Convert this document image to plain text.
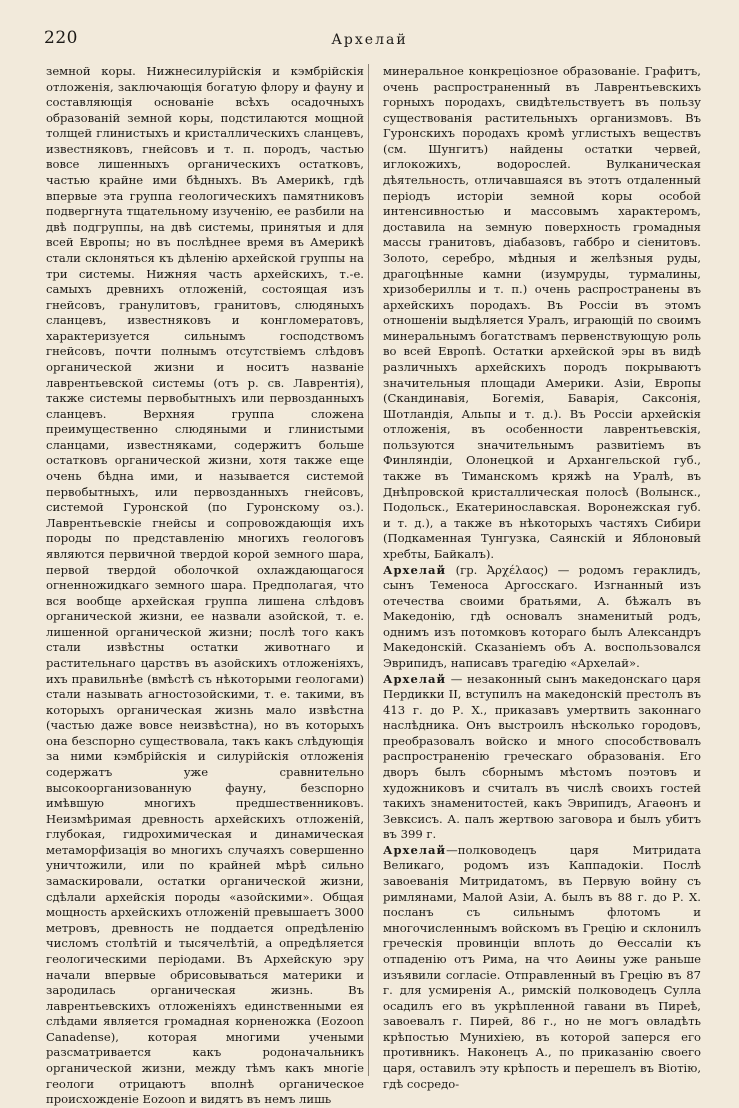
220	Архелай

земной коры. Нижнесилурійскія и кэмбрійскія отложенія, заключающія богатую флору и фауну и составляющія основаніе всѣхъ осадочныхъ образованій земной коры, подстилаются мощной толщей глинистыхъ и кристаллическихъ сланцевъ, известняковъ, гнейсовъ и т. п. породъ, частью вовсе лишенныхъ органическихъ остатковъ, частью крайне ими бѣдныхъ. Въ Америкѣ, гдѣ впервые эта группа геологическихъ памятниковъ подвергнута тщательному изученію, ее разбили на двѣ подгруппы, на двѣ системы, принятыя и для всей Европы; но въ послѣднее время въ Америкѣ стали склоняться къ дѣленію архейской группы на три системы. Нижняя часть архейскихъ, т.-е. самыхъ древнихъ отложеній, состоящая изъ гнейсовъ, гранулитовъ, гранитовъ, слюдяныхъ сланцевъ, известняковъ и конгломератовъ, характеризуется сильнымъ господствомъ гнейсовъ, почти полнымъ отсутствіемъ слѣдовъ органической жизни и носитъ названіе лаврентьевской системы (отъ р. св. Лаврентія), также системы первобытныхъ или первозданныхъ сланцевъ. Верхняя группа сложена преимущественно слюдяными и глинистыми сланцами, известняками, содержитъ больше остатковъ органической жизни, хотя также еще очень бѣдна ими, и называется системой первобытныхъ, или первозданныхъ гнейсовъ, системой Гуронской (по Гуронскому оз.). Лаврентьевскіе гнейсы и сопровождающія ихъ породы по представленію многихъ геологовъ являются первичной твердой корой земного шара, первой твердой оболочкой охлаждающагося огненножидкаго земного шара. Предполагая, что вся вообще архейская группа лишена слѣдовъ органической жизни, ее назвали азойской, т. е. лишенной органической жизни; послѣ того какъ стали извѣстны остатки животнаго и растительнаго царствъ въ азойскихъ отложеніяхъ, ихъ правильнѣе (вмѣстѣ съ нѣкоторыми геологами) стали называть агностозойскими, т. е. такими, въ которыхъ органическая жизнь мало извѣстна (частью даже вовсе неизвѣстна), но въ которыхъ она безспорно существовала, такъ какъ слѣдующія за ними кэмбрійскія и силурійскія отложенія содержатъ уже сравнительно высокоорганизованную фауну, безспорно имѣвшую многихъ предшественниковъ. Неизмѣримая древность архейскихъ отложеній, глубокая, гидрохимическая и динамическая метаморфизація во многихъ случаяхъ совершенно уничтожили, или по крайней мѣрѣ сильно замаскировали, остатки органической жизни, сдѣлали архейскія породы «азойскими». Общая мощность архейскихъ отложеній превышаетъ 3000 метровъ, древность не поддается опредѣленію числомъ столѣтій и тысячелѣтій, а опредѣляется геологическими періодами. Въ Архейскую эру начали впервые обрисовываться материки и зародилась органическая жизнь. Въ лаврентьевскихъ отложеніяхъ единственными ея слѣдами является громадная корненожка (Eozoon Canadense), которая многими учеными разсматривается какъ родоначальникъ органической жизни, между тѣмъ какъ многіе геологи отрицаютъ вполнѣ органическое происхожденіе Eozoon и видятъ въ немъ лишь

минеральное конкреціозное образованіе. Графитъ, очень распространенный въ Лаврентьевскихъ горныхъ породахъ, свидѣтельствуетъ въ пользу существованія растительныхъ организмовъ. Въ Гуронскихъ породахъ кромѣ углистыхъ веществъ (см. Шунгитъ) найдены остатки червей, иглокожихъ, водорослей. Вулканическая дѣятельность, отличавшаяся въ этотъ отдаленный періодъ исторіи земной коры особой интенсивностью и массовымъ характеромъ, доставила на земную поверхность громадныя массы гранитовъ, діабазовъ, габбро и сіенитовъ. Золото, серебро, мѣдныя и желѣзныя руды, драгоцѣнные камни (изумруды, турмалины, хризобериллы и т. п.) очень распространены въ архейскихъ породахъ. Въ Россіи въ этомъ отношеніи выдѣляется Уралъ, играющій по своимъ минеральнымъ богатствамъ первенствующую роль во всей Европѣ. Остатки архейской эры въ видѣ различныхъ архейскихъ породъ покрываютъ значительныя площади Америки. Азіи, Европы (Скандинавія, Богемія, Баварія, Саксонія, Шотландія, Альпы и т. д.). Въ Россіи архейскія отложенія, въ особенности лаврентьевскія, пользуются значительнымъ развитіемъ въ Финляндіи, Олонецкой и Архангельской губ., также въ Тиманскомъ кряжѣ на Уралѣ, въ Днѣпровской кристаллическая полосѣ (Волынск., Подольск., Екатеринославская. Воронежская губ. и т. д.), а также въ нѣкоторыхъ частяхъ Сибири (Подкаменная Тунгузка, Саянскій и Яблоновый хребты, Байкалъ).

Архелай (гр. Ἀρχέλαος) — родомъ гераклидъ, сынъ Теменоса Аргосскаго. Изгнанный изъ отечества своими братьями, А. бѣжалъ въ Македонію, гдѣ основалъ знаменитый родъ, однимъ изъ потомковъ котораго былъ Александръ Македонскій. Сказаніемъ объ А. воспользовался Эврипидъ, написавъ трагедію «Архелай».

Архелай — незаконный сынъ македонскаго царя Пердикки II, вступилъ на македонскій престолъ въ 413 г. до Р. Х., приказавъ умертвить законнаго наслѣдника. Онъ выстроилъ нѣсколько городовъ, преобразовалъ войско и много способствовалъ распространенію греческаго образованія. Его дворъ былъ сборнымъ мѣстомъ поэтовъ и художниковъ и считалъ въ числѣ своихъ гостей такихъ знаменитостей, какъ Эврипидъ, Агаѳонъ и Зевксисъ. А. палъ жертвою заговора и былъ убитъ въ 399 г.

Архелай—полководецъ царя Митридата Великаго, родомъ изъ Каппадокіи. Послѣ завоеванія Митридатомъ, въ Первую войну съ римлянами, Малой Азіи, А. былъ въ 88 г. до Р. Х. посланъ съ сильнымъ флотомъ и многочисленнымъ войскомъ въ Грецію и склонилъ греческія провинціи вплоть до Ѳессаліи къ отпаденію отъ Рима, на что Аѳины уже раньше изъявили согласіе. Отправленный въ Грецію въ 87 г. для усмиренія А., римскій полководецъ Сулла осадилъ его въ укрѣпленной гавани въ Пиреѣ, завоевалъ г. Пирей, 86 г., но не могъ овладѣть крѣпостью Мунихіею, въ которой заперся его противникъ. Наконецъ А., по приказанію своего царя, оставилъ эту крѣпость и перешелъ въ Віотію, гдѣ сосредо-
